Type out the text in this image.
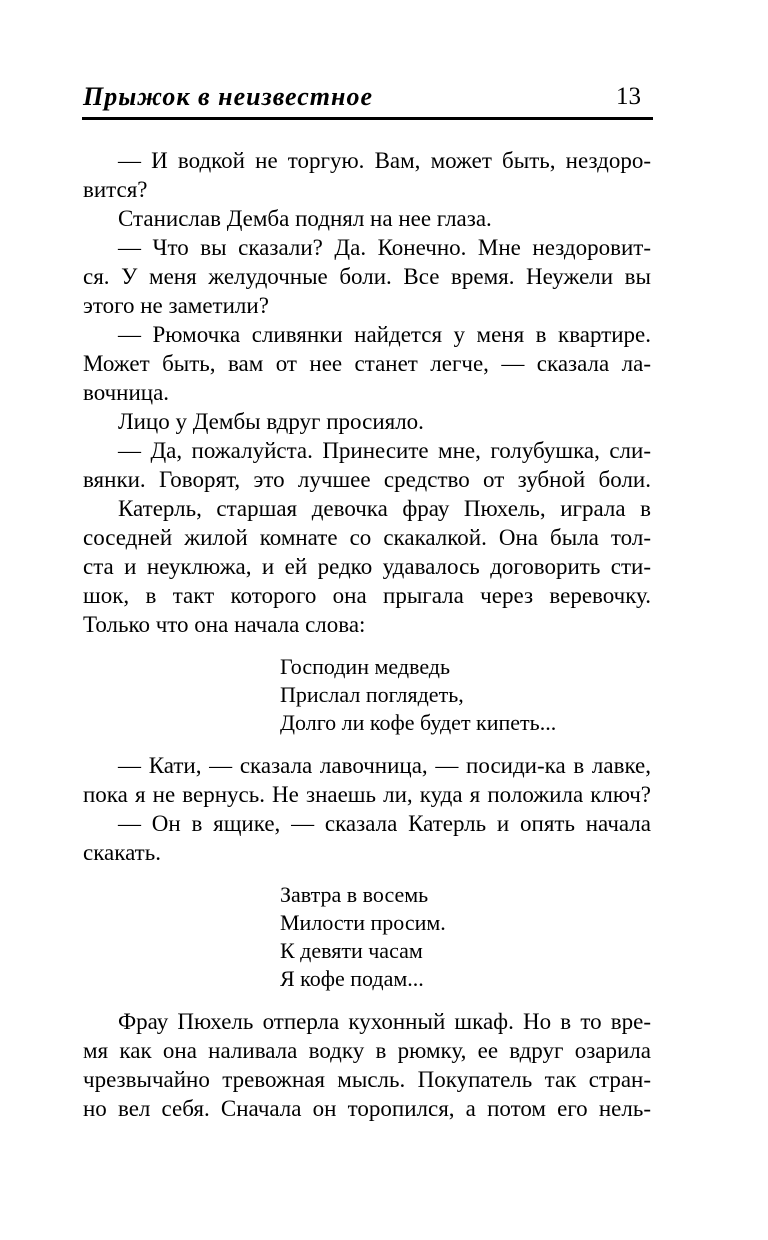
Прыжок в неизвестное	13
— И водкой не торгую. Вам, может быть, нездоро-
вится?
Станислав Демба поднял на нее глаза.
— Что вы сказали? Да. Конечно. Мне нездоровит-
ся. У меня желудочные боли. Все время. Неужели вы
этого не заметили?
— Рюмочка сливянки найдется у меня в квартире.
Может быть, вам от нее станет легче, — сказала ла-
вочница.
Лицо у Дембы вдруг просияло.
— Да, пожалуйста. Принесите мне, голубушка, сли-
вянки. Говорят, это лучшее средство от зубной боли.
Катерль, старшая девочка фрау Пюхель, играла в
соседней жилой комнате со скакалкой. Она была тол-
ста и неуклюжа, и ей редко удавалось договорить сти-
шок, в такт которого она прыгала через веревочку.
Только что она начала слова:
Господин медведь
Прислал поглядеть,
Долго ли кофе будет кипеть...
— Кати, — сказала лавочница, — посиди-ка в лавке,
пока я не вернусь. Не знаешь ли, куда я положила ключ?
— Он в ящике, — сказала Катерль и опять начала
скакать.
Завтра в восемь
Милости просим.
К девяти часам
Я кофе подам...
Фрау Пюхель отперла кухонный шкаф. Но в то вре-
мя как она наливала водку в рюмку, ее вдруг озарила
чрезвычайно тревожная мысль. Покупатель так стран-
но вел себя. Сначала он торопился, а потом его нель-
